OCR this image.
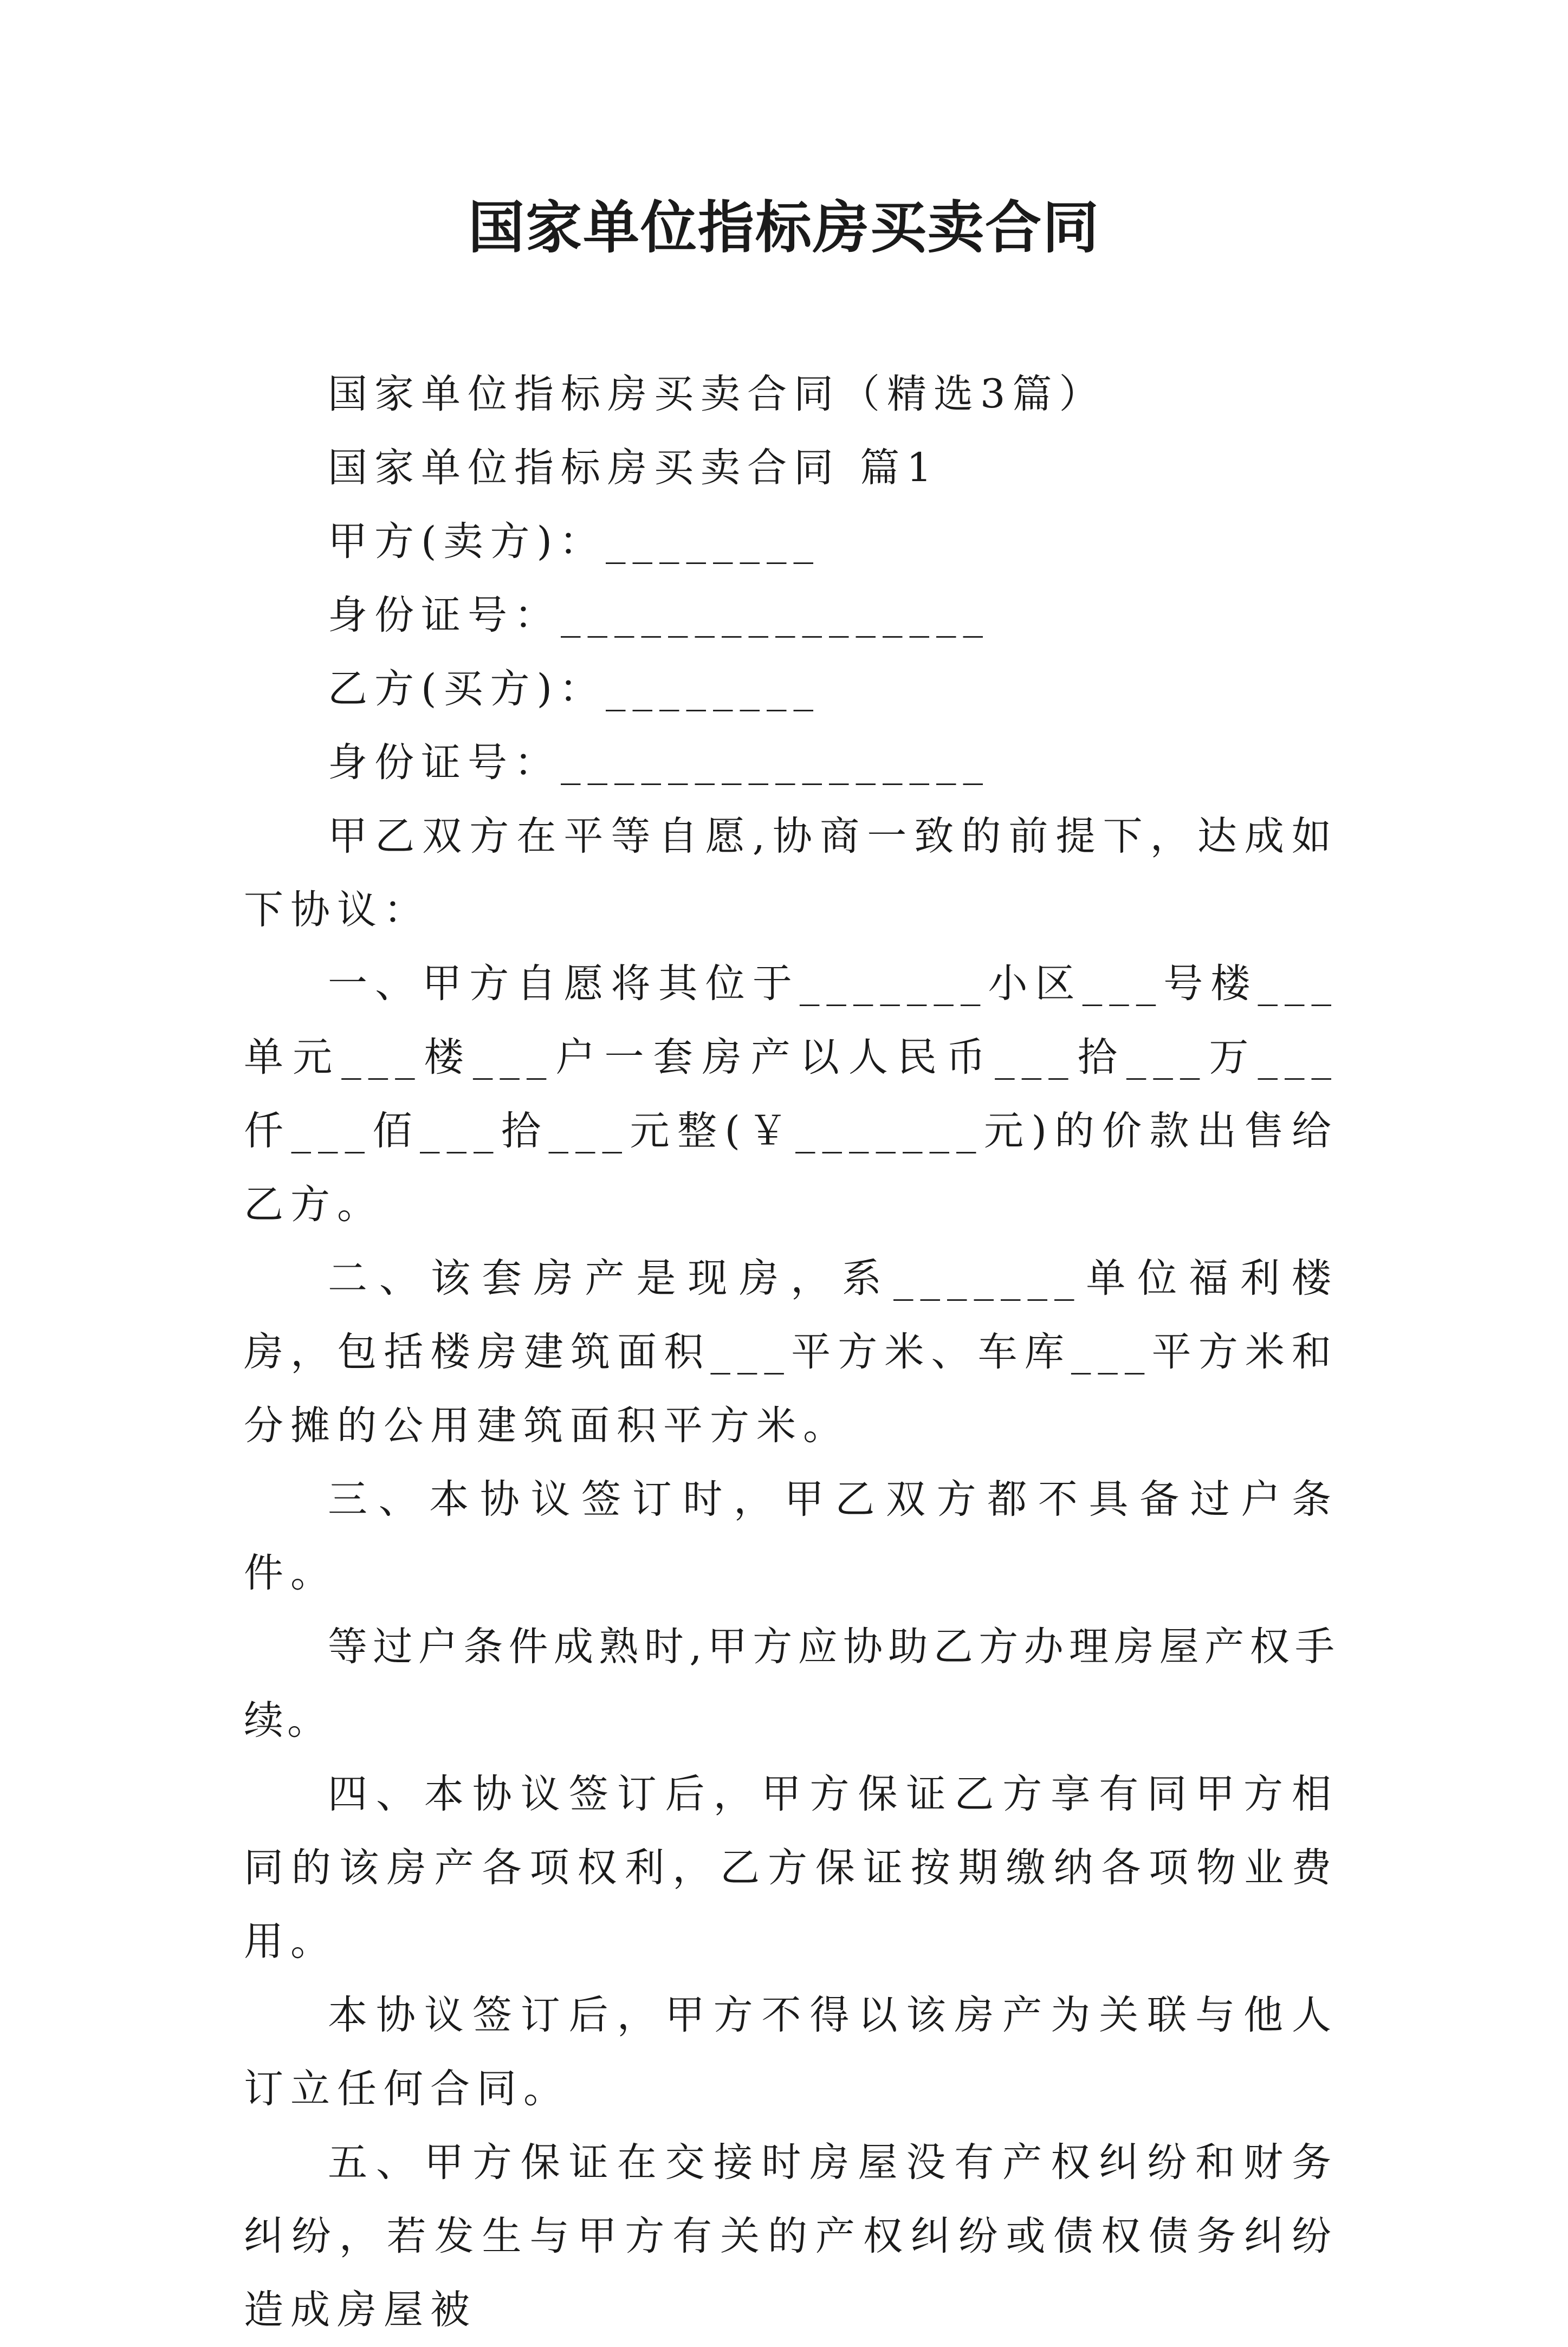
国家单位指标房买卖合同

国家单位指标房买卖合同（精选3篇）

国家单位指标房买卖合同 篇1

甲方(卖方)：________

身份证号：________________

乙方(买方)：________

身份证号：________________

甲乙双方在平等自愿,协商一致的前提下，达成如下协议：

一、甲方自愿将其位于_______小区___号楼___单元___楼___户一套房产以人民币___拾___万___仟___佰___拾___元整(￥_______元)的价款出售给乙方。

二、该套房产是现房，系_______单位福利楼房，包括楼房建筑面积___平方米、车库___平方米和分摊的公用建筑面积平方米。

三、本协议签订时，甲乙双方都不具备过户条件。

等过户条件成熟时,甲方应协助乙方办理房屋产权手续。

四、本协议签订后，甲方保证乙方享有同甲方相同的该房产各项权利，乙方保证按期缴纳各项物业费用。

本协议签订后，甲方不得以该房产为关联与他人订立任何合同。

五、甲方保证在交接时房屋没有产权纠纷和财务纠纷，若发生与甲方有关的产权纠纷或债权债务纠纷造成房屋被
